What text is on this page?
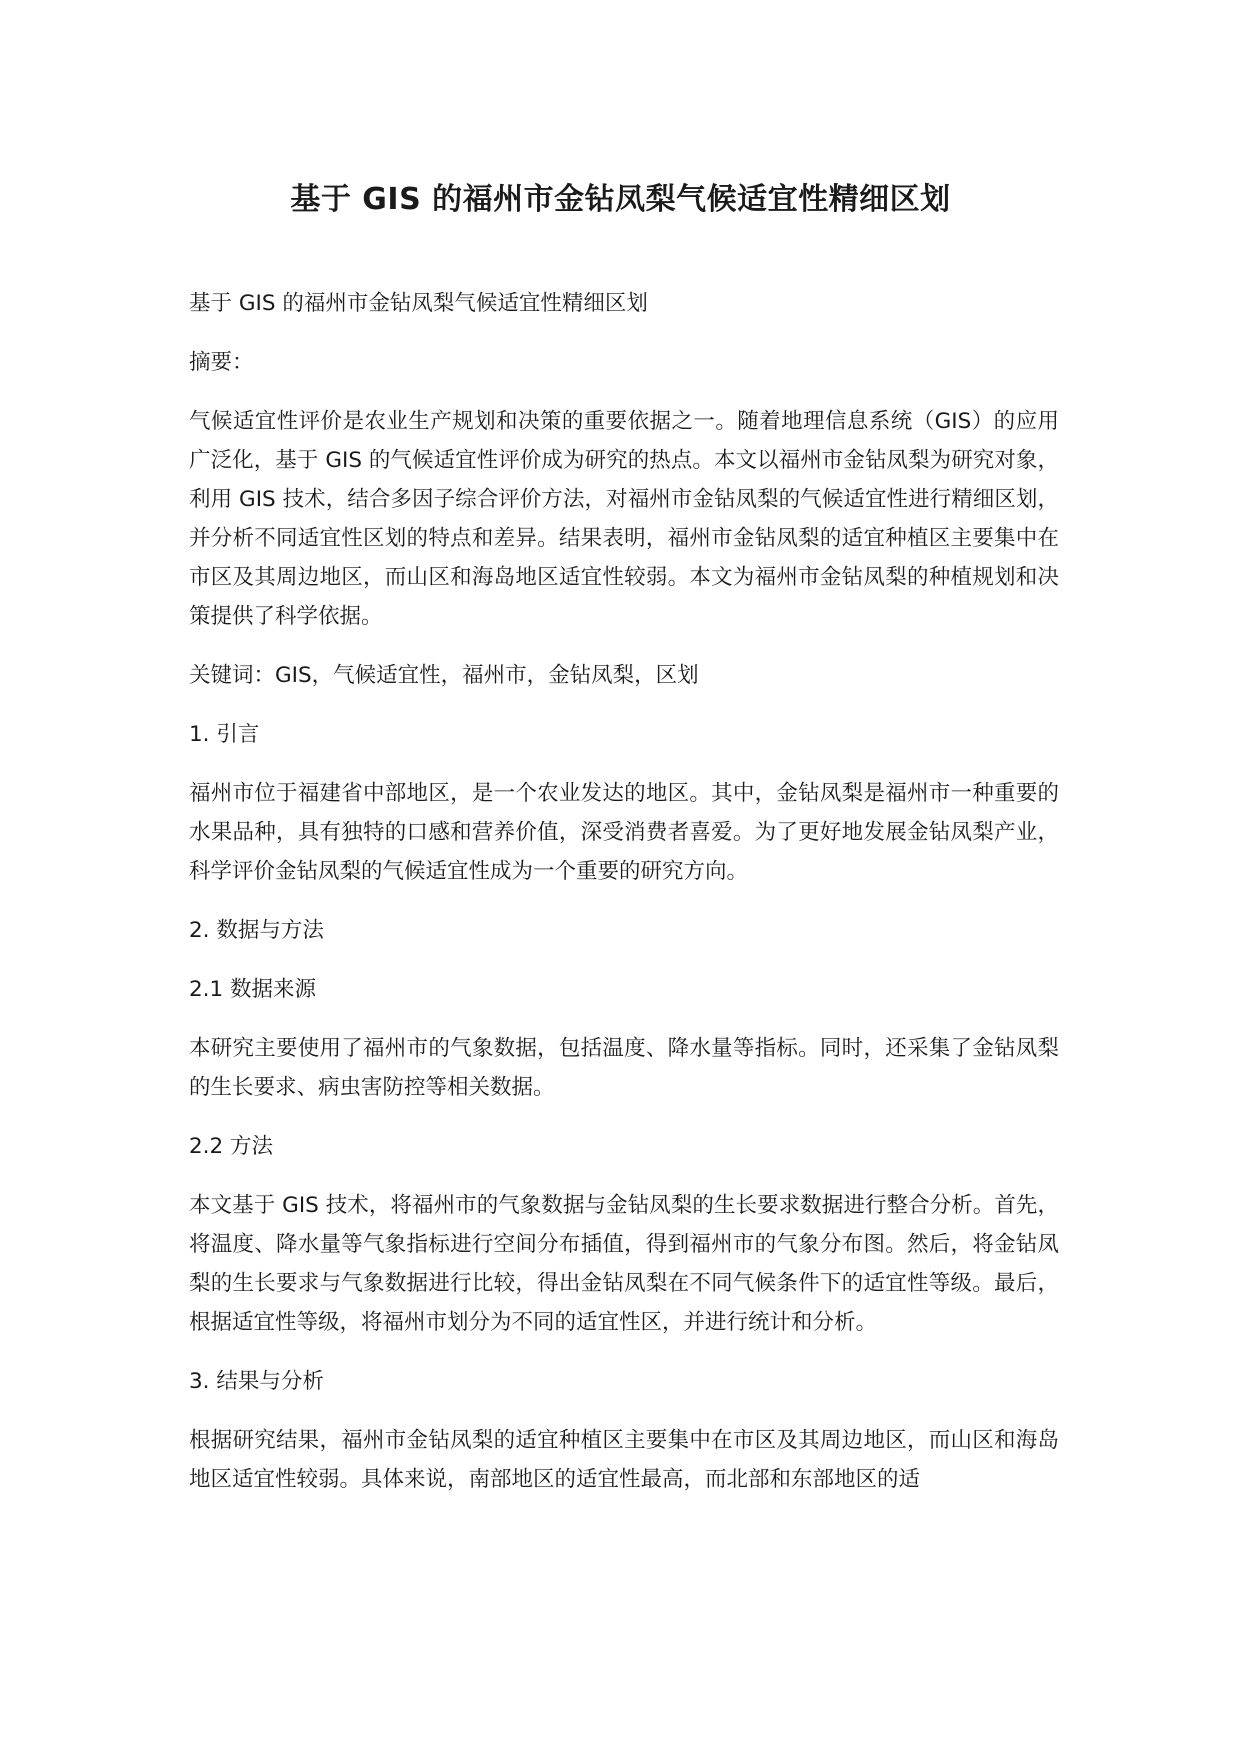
基于 GIS 的福州市金钻凤梨气候适宜性精细区划

基于 GIS 的福州市金钻凤梨气候适宜性精细区划

摘要：

气候适宜性评价是农业生产规划和决策的重要依据之一。随着地理信息系统（GIS）的应用广泛化，基于 GIS 的气候适宜性评价成为研究的热点。本文以福州市金钻凤梨为研究对象，利用 GIS 技术，结合多因子综合评价方法，对福州市金钻凤梨的气候适宜性进行精细区划，并分析不同适宜性区划的特点和差异。结果表明，福州市金钻凤梨的适宜种植区主要集中在市区及其周边地区，而山区和海岛地区适宜性较弱。本文为福州市金钻凤梨的种植规划和决策提供了科学依据。

关键词：GIS，气候适宜性，福州市，金钻凤梨，区划

1. 引言

福州市位于福建省中部地区，是一个农业发达的地区。其中，金钻凤梨是福州市一种重要的水果品种，具有独特的口感和营养价值，深受消费者喜爱。为了更好地发展金钻凤梨产业，科学评价金钻凤梨的气候适宜性成为一个重要的研究方向。

2. 数据与方法

2.1 数据来源

本研究主要使用了福州市的气象数据，包括温度、降水量等指标。同时，还采集了金钻凤梨的生长要求、病虫害防控等相关数据。

2.2 方法

本文基于 GIS 技术，将福州市的气象数据与金钻凤梨的生长要求数据进行整合分析。首先，将温度、降水量等气象指标进行空间分布插值，得到福州市的气象分布图。然后，将金钻凤梨的生长要求与气象数据进行比较，得出金钻凤梨在不同气候条件下的适宜性等级。最后，根据适宜性等级，将福州市划分为不同的适宜性区，并进行统计和分析。

3. 结果与分析

根据研究结果，福州市金钻凤梨的适宜种植区主要集中在市区及其周边地区，而山区和海岛地区适宜性较弱。具体来说，南部地区的适宜性最高，而北部和东部地区的适
